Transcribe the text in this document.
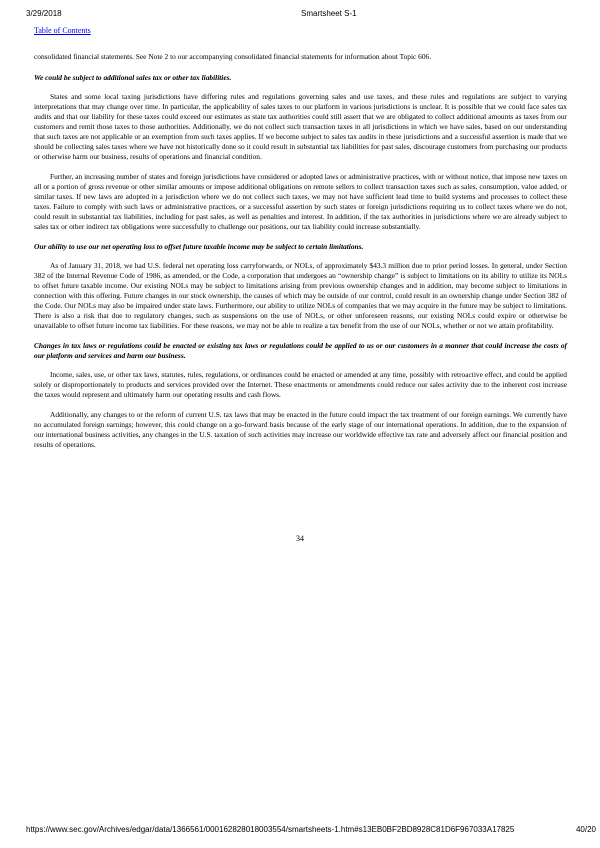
3/29/2018	Smartsheet S-1
Table of Contents

consolidated financial statements. See Note 2 to our accompanying consolidated financial statements for information about Topic 606.

We could be subject to additional sales tax or other tax liabilities.

States and some local taxing jurisdictions have differing rules and regulations governing sales and use taxes, and these rules and regulations are subject to varying interpretations that may change over time. In particular, the applicability of sales taxes to our platform in various jurisdictions is unclear. It is possible that we could face sales tax audits and that our liability for these taxes could exceed our estimates as state tax authorities could still assert that we are obligated to collect additional amounts as taxes from our customers and remit those taxes to those authorities. Additionally, we do not collect such transaction taxes in all jurisdictions in which we have sales, based on our understanding that such taxes are not applicable or an exemption from such taxes applies. If we become subject to sales tax audits in these jurisdictions and a successful assertion is made that we should be collecting sales taxes where we have not historically done so it could result in substantial tax liabilities for past sales, discourage customers from purchasing our products or otherwise harm our business, results of operations and financial condition.

Further, an increasing number of states and foreign jurisdictions have considered or adopted laws or administrative practices, with or without notice, that impose new taxes on all or a portion of gross revenue or other similar amounts or impose additional obligations on remote sellers to collect transaction taxes such as sales, consumption, value added, or similar taxes. If new laws are adopted in a jurisdiction where we do not collect such taxes, we may not have sufficient lead time to build systems and processes to collect these taxes. Failure to comply with such laws or administrative practices, or a successful assertion by such states or foreign jurisdictions requiring us to collect taxes where we do not, could result in substantial tax liabilities, including for past sales, as well as penalties and interest. In addition, if the tax authorities in jurisdictions where we are already subject to sales tax or other indirect tax obligations were successfully to challenge our positions, our tax liability could increase substantially.

Our ability to use our net operating loss to offset future taxable income may be subject to certain limitations.

As of January 31, 2018, we had U.S. federal net operating loss carryforwards, or NOLs, of approximately $43.3 million due to prior period losses. In general, under Section 382 of the Internal Revenue Code of 1986, as amended, or the Code, a corporation that undergoes an “ownership change” is subject to limitations on its ability to utilize its NOLs to offset future taxable income. Our existing NOLs may be subject to limitations arising from previous ownership changes and in addition, may become subject to limitations in connection with this offering. Future changes in our stock ownership, the causes of which may be outside of our control, could result in an ownership change under Section 382 of the Code. Our NOLs may also be impaired under state laws. Furthermore, our ability to utilize NOLs of companies that we may acquire in the future may be subject to limitations. There is also a risk that due to regulatory changes, such as suspensions on the use of NOLs, or other unforeseen reasons, our existing NOLs could expire or otherwise be unavailable to offset future income tax liabilities. For these reasons, we may not be able to realize a tax benefit from the use of our NOLs, whether or not we attain profitability.

Changes in tax laws or regulations could be enacted or existing tax laws or regulations could be applied to us or our customers in a manner that could increase the costs of our platform and services and harm our business.

Income, sales, use, or other tax laws, statutes, rules, regulations, or ordinances could be enacted or amended at any time, possibly with retroactive effect, and could be applied solely or disproportionately to products and services provided over the Internet. These enactments or amendments could reduce our sales activity due to the inherent cost increase the taxes would represent and ultimately harm our operating results and cash flows.

Additionally, any changes to or the reform of current U.S. tax laws that may be enacted in the future could impact the tax treatment of our foreign earnings. We currently have no accumulated foreign earnings; however, this could change on a go-forward basis because of the early stage of our international operations. In addition, due to the expansion of our international business activities, any changes in the U.S. taxation of such activities may increase our worldwide effective tax rate and adversely affect our financial position and results of operations.

34
https://www.sec.gov/Archives/edgar/data/1366561/000162828018003554/smartsheets-1.htm#s13EB0BF2BD8928C81D6F967033A17825	40/20
